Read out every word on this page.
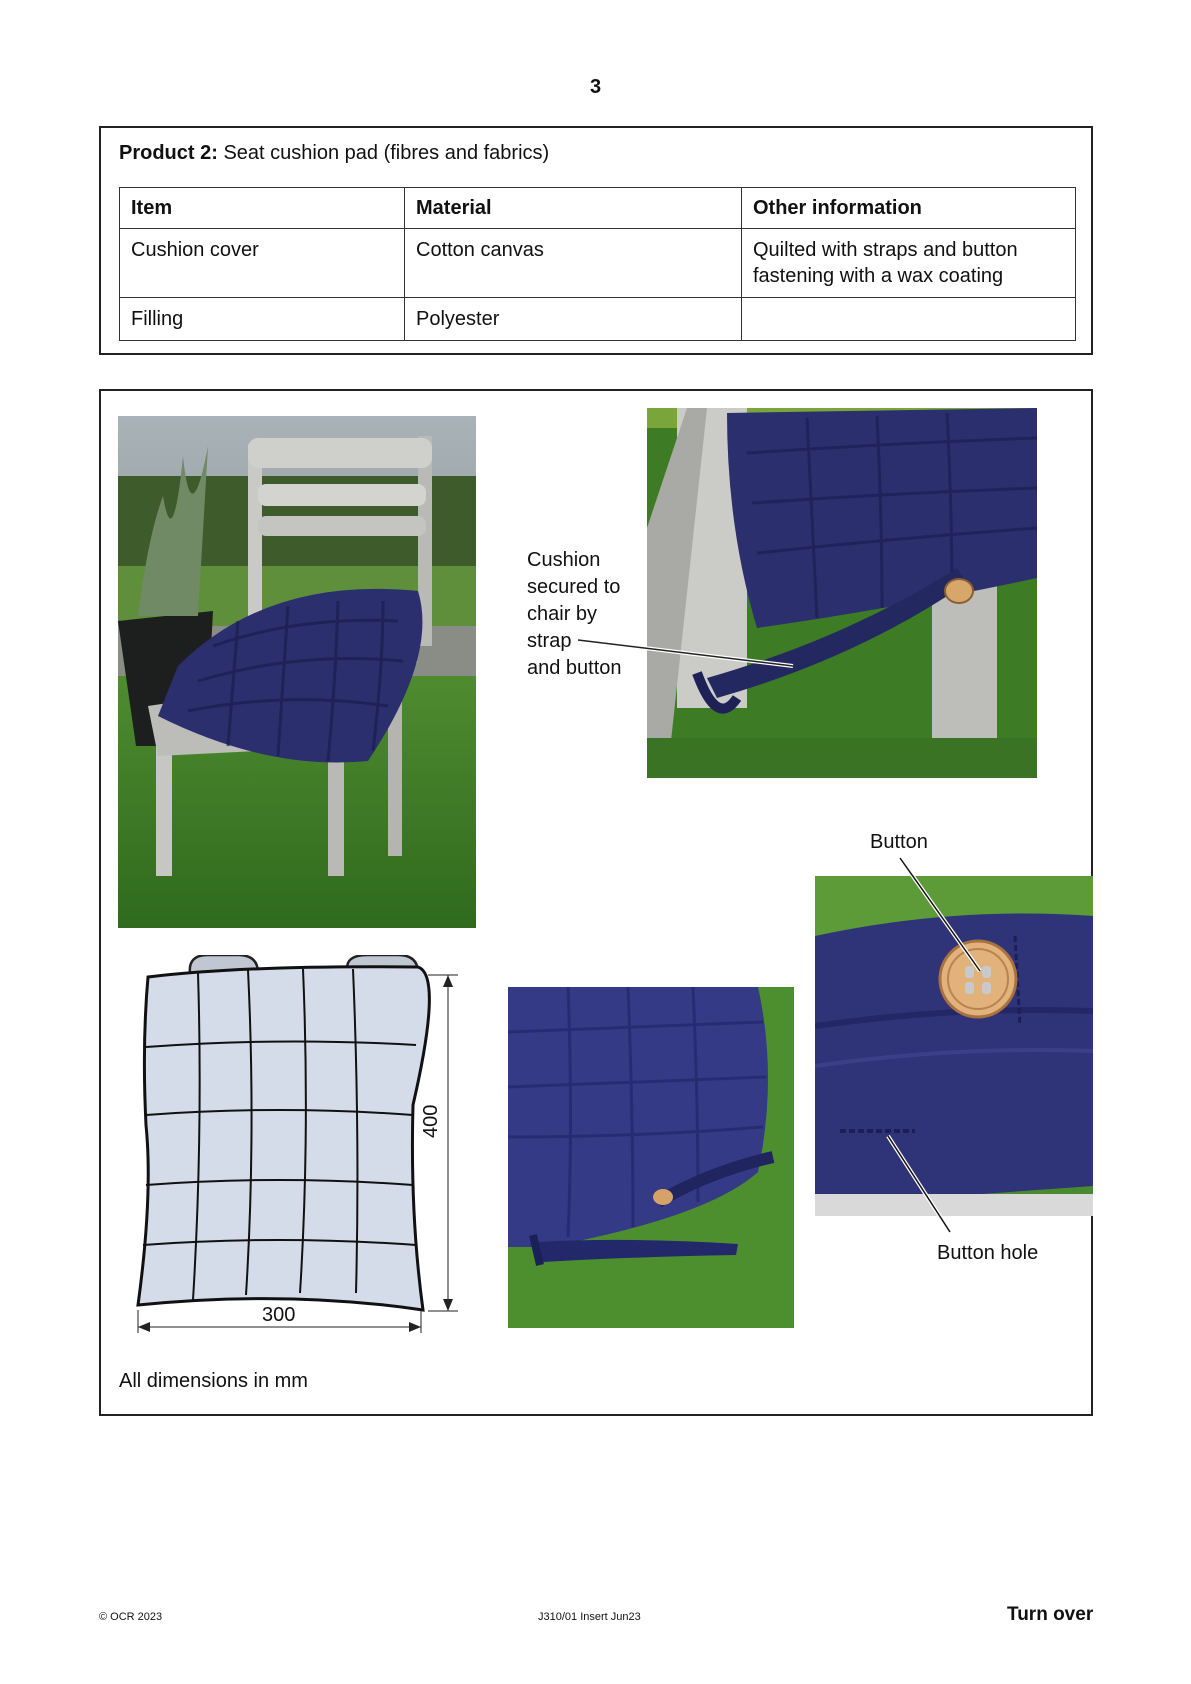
3
Product 2: Seat cushion pad (fibres and fabrics)
Item	Material	Other information
Cushion cover	Cotton canvas	Quilted with straps and button fastening with a wax coating
Filling	Polyester	
Cushion
secured to
chair by
strap
and button
Button
Button hole
400
300
All dimensions in mm
© OCR 2023	J310/01 Insert Jun23	Turn over
